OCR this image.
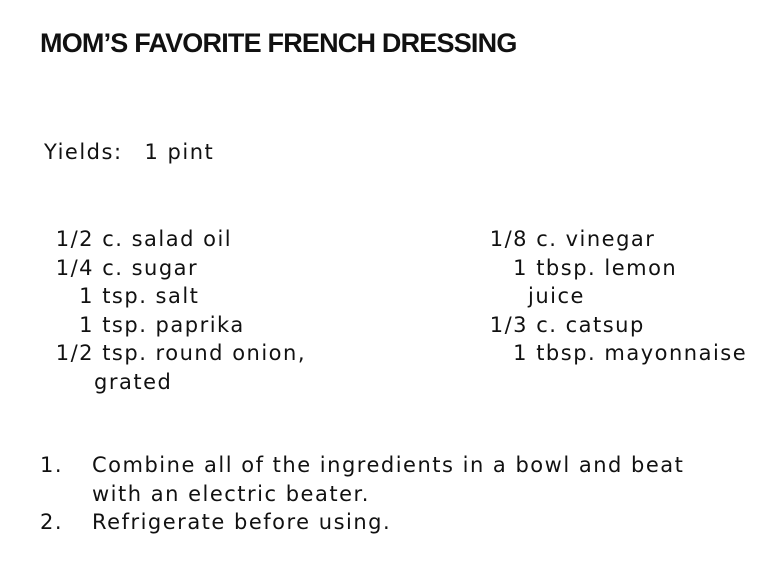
MOM’S FAVORITE FRENCH DRESSING
Yields: 1 pint
1/2 c. salad oil
1/4 c. sugar
1 tsp. salt
1 tsp. paprika
1/2 tsp. round onion,
grated
1/8 c. vinegar
1 tbsp. lemon
juice
1/3 c. catsup
1 tbsp. mayonnaise
1.	Combine all of the ingredients in a bowl and beat
with an electric beater.
2.	Refrigerate before using.
